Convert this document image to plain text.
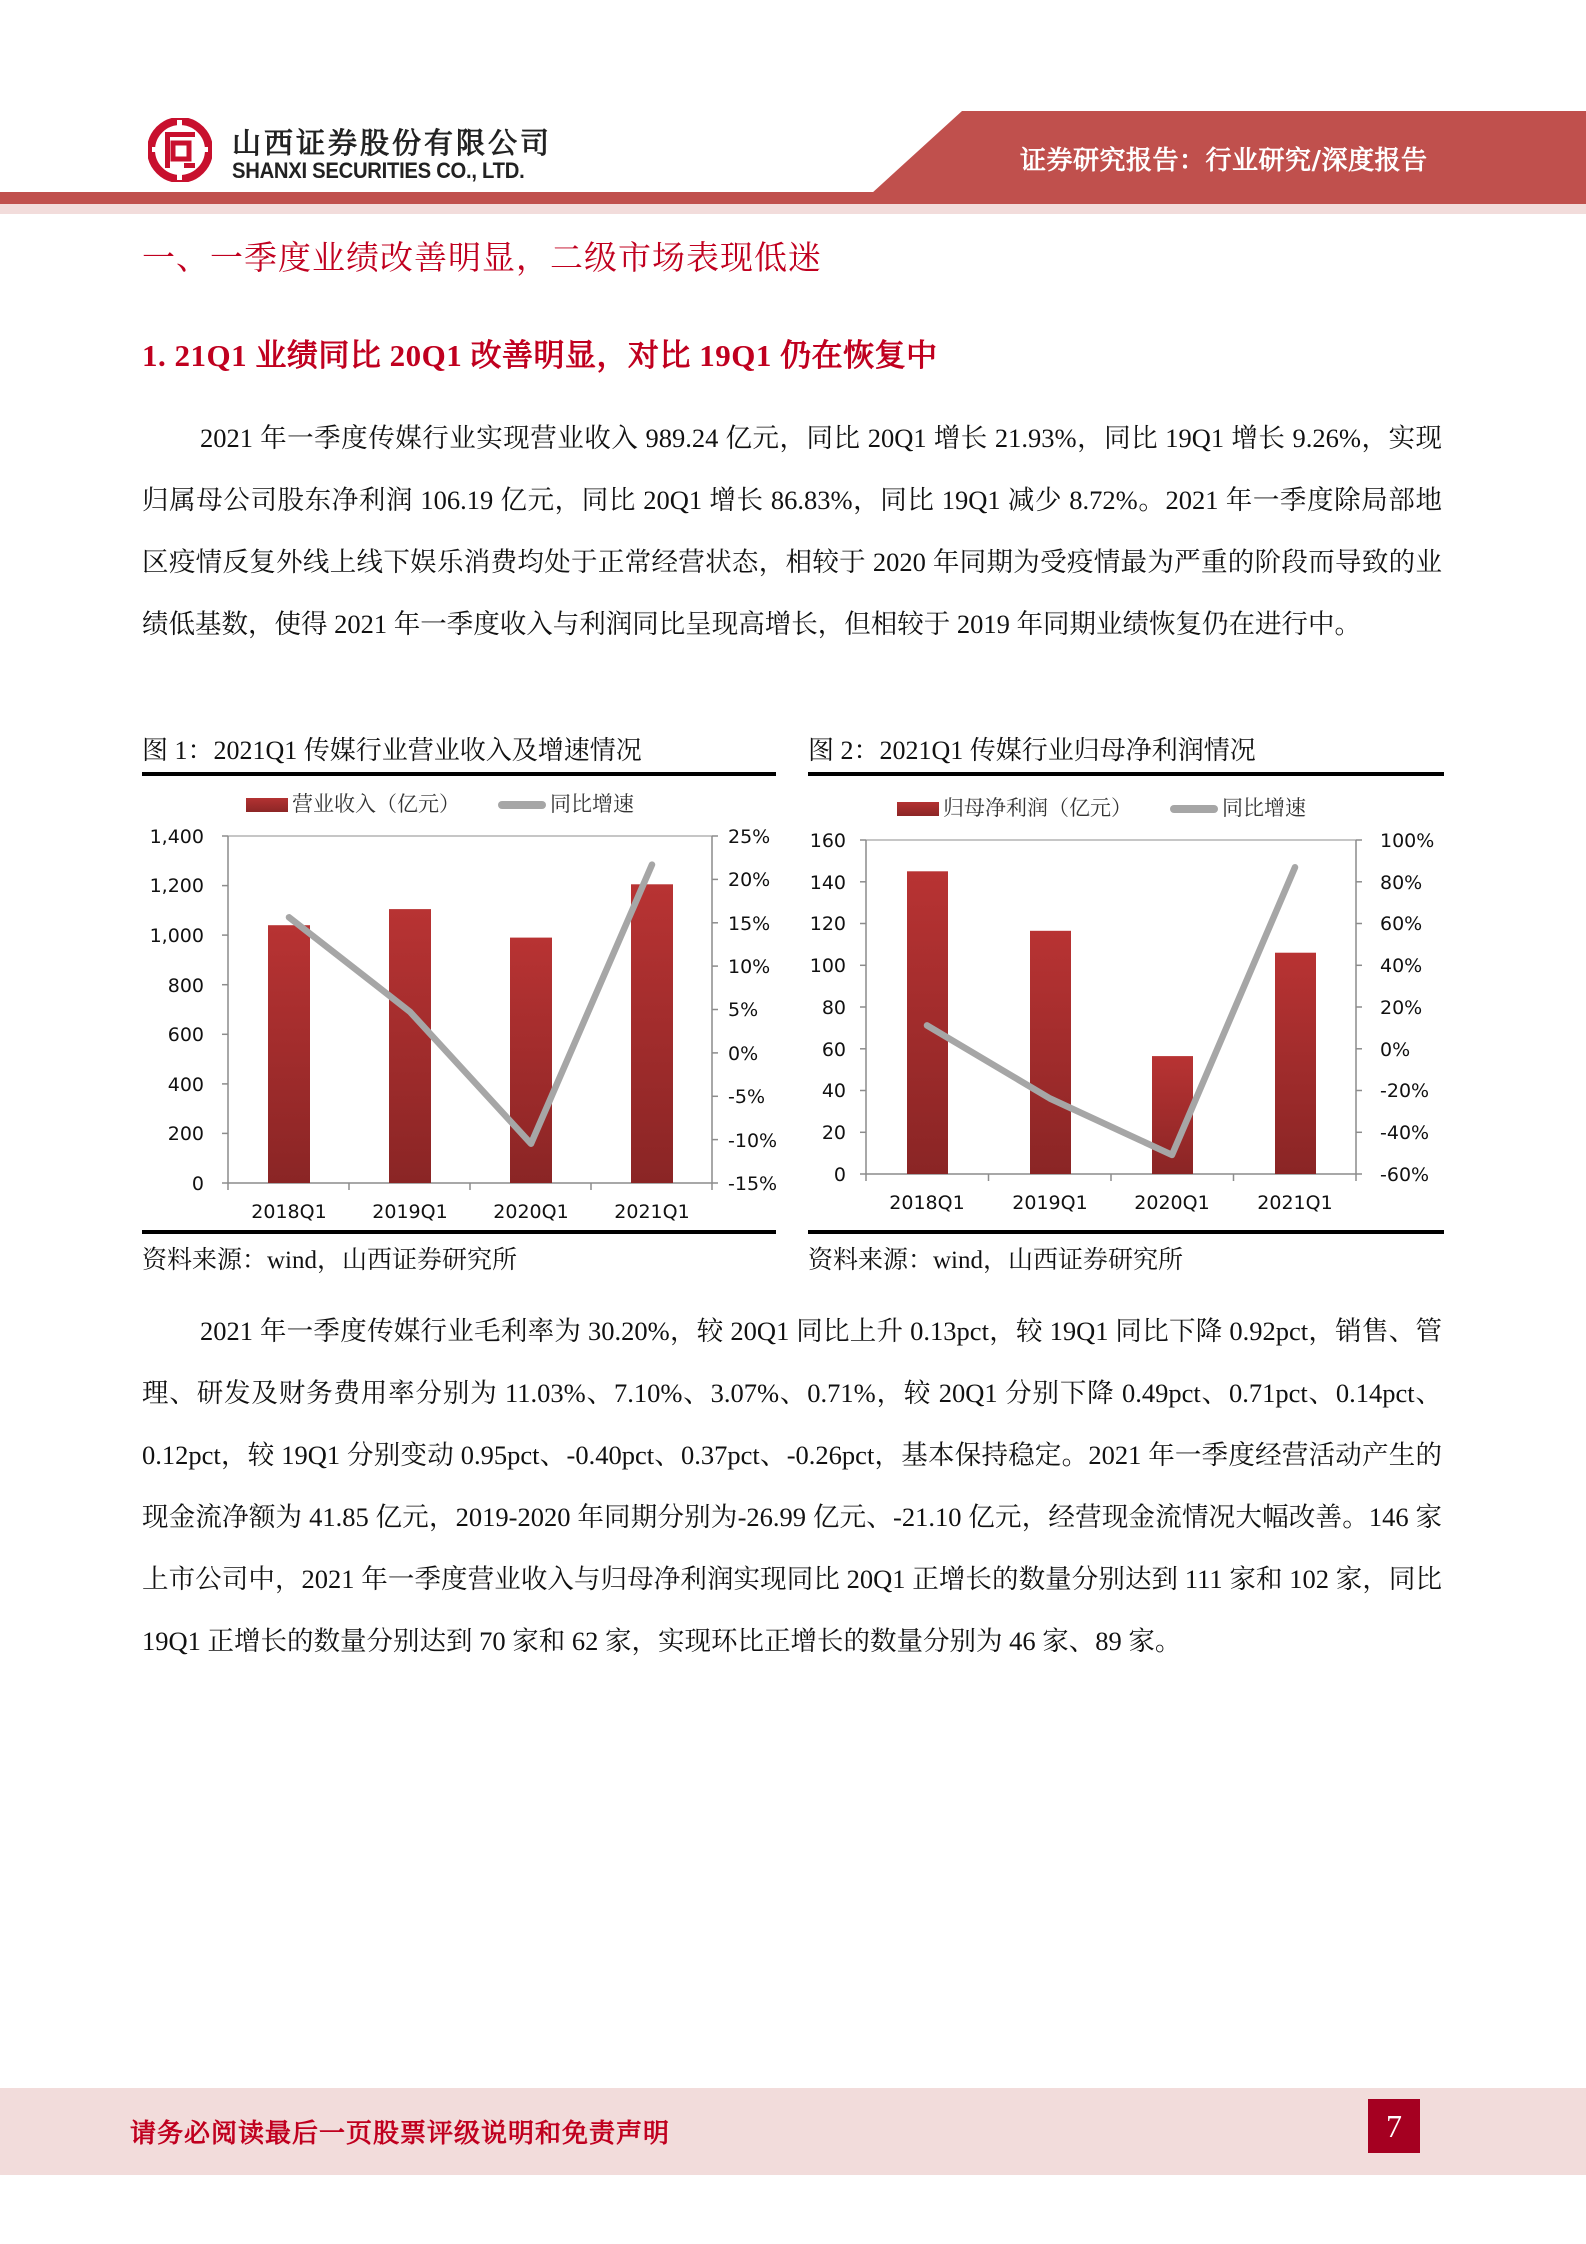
山西证券股份有限公司
SHANXI SECURITIES CO., LTD.	证券研究报告：行业研究/深度报告
一、一季度业绩改善明显，二级市场表现低迷
1. 21Q1 业绩同比 20Q1 改善明显，对比 19Q1 仍在恢复中
2021 年一季度传媒行业实现营业收入 989.24 亿元，同比 20Q1 增长 21.93%，同比 19Q1 增长 9.26%，实现归属母公司股东净利润 106.19 亿元，同比 20Q1 增长 86.83%，同比 19Q1 减少 8.72%。2021 年一季度除局部地区疫情反复外线上线下娱乐消费均处于正常经营状态，相较于 2020 年同期为受疫情最为严重的阶段而导致的业绩低基数，使得 2021 年一季度收入与利润同比呈现高增长，但相较于 2019 年同期业绩恢复仍在进行中。
图 1：2021Q1 传媒行业营业收入及增速情况
营业收入（亿元）	同比增速
1,400
1,200
1,000
800
600
400
200
0
25%
20%
15%
10%
5%
0%
-5%
-10%
-15%
2018Q1 2019Q1 2020Q1 2021Q1
资料来源：wind，山西证券研究所
图 2：2021Q1 传媒行业归母净利润情况
归母净利润（亿元）	同比增速
160
140
120
100
80
60
40
20
0
100%
80%
60%
40%
20%
0%
-20%
-40%
-60%
2018Q1	2019Q1 2020Q1	2021Q1
资料来源：wind，山西证券研究所
2021 年一季度传媒行业毛利率为 30.20%，较 20Q1 同比上升 0.13pct，较 19Q1 同比下降 0.92pct，销售、管理、研发及财务费用率分别为 11.03%、7.10%、3.07%、0.71%，较 20Q1 分别下降 0.49pct、0.71pct、0.14pct、0.12pct，较 19Q1 分别变动 0.95pct、-0.40pct、0.37pct、-0.26pct，基本保持稳定。2021 年一季度经营活动产生的现金流净额为 41.85 亿元，2019-2020 年同期分别为-26.99 亿元、-21.10 亿元，经营现金流情况大幅改善。146 家上市公司中，2021 年一季度营业收入与归母净利润实现同比 20Q1 正增长的数量分别达到 111 家和 102 家，同比 19Q1 正增长的数量分别达到 70 家和 62 家，实现环比正增长的数量分别为 46 家、89 家。
请务必阅读最后一页股票评级说明和免责声明	7
